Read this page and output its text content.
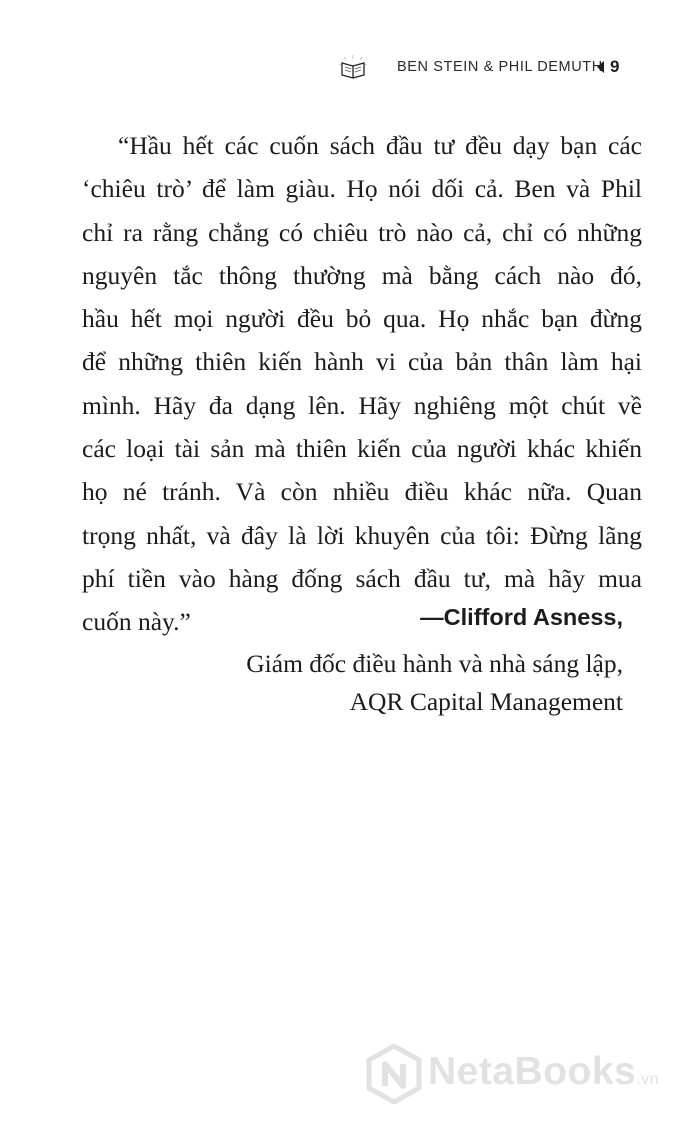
BEN STEIN & PHIL DEMUTH 9

“Hầu hết các cuốn sách đầu tư đều dạy bạn các
‘chiêu trò’ để làm giàu. Họ nói dối cả. Ben và Phil
chỉ ra rằng chẳng có chiêu trò nào cả, chỉ có những
nguyên tắc thông thường mà bằng cách nào đó,
hầu hết mọi người đều bỏ qua. Họ nhắc bạn đừng
để những thiên kiến hành vi của bản thân làm hại
mình. Hãy đa dạng lên. Hãy nghiêng một chút về
các loại tài sản mà thiên kiến của người khác khiến
họ né tránh. Và còn nhiều điều khác nữa. Quan
trọng nhất, và đây là lời khuyên của tôi: Đừng lãng
phí tiền vào hàng đống sách đầu tư, mà hãy mua
cuốn này.”	—Clifford Asness,
Giám đốc điều hành và nhà sáng lập,
AQR Capital Management
NetaBooks.vn
